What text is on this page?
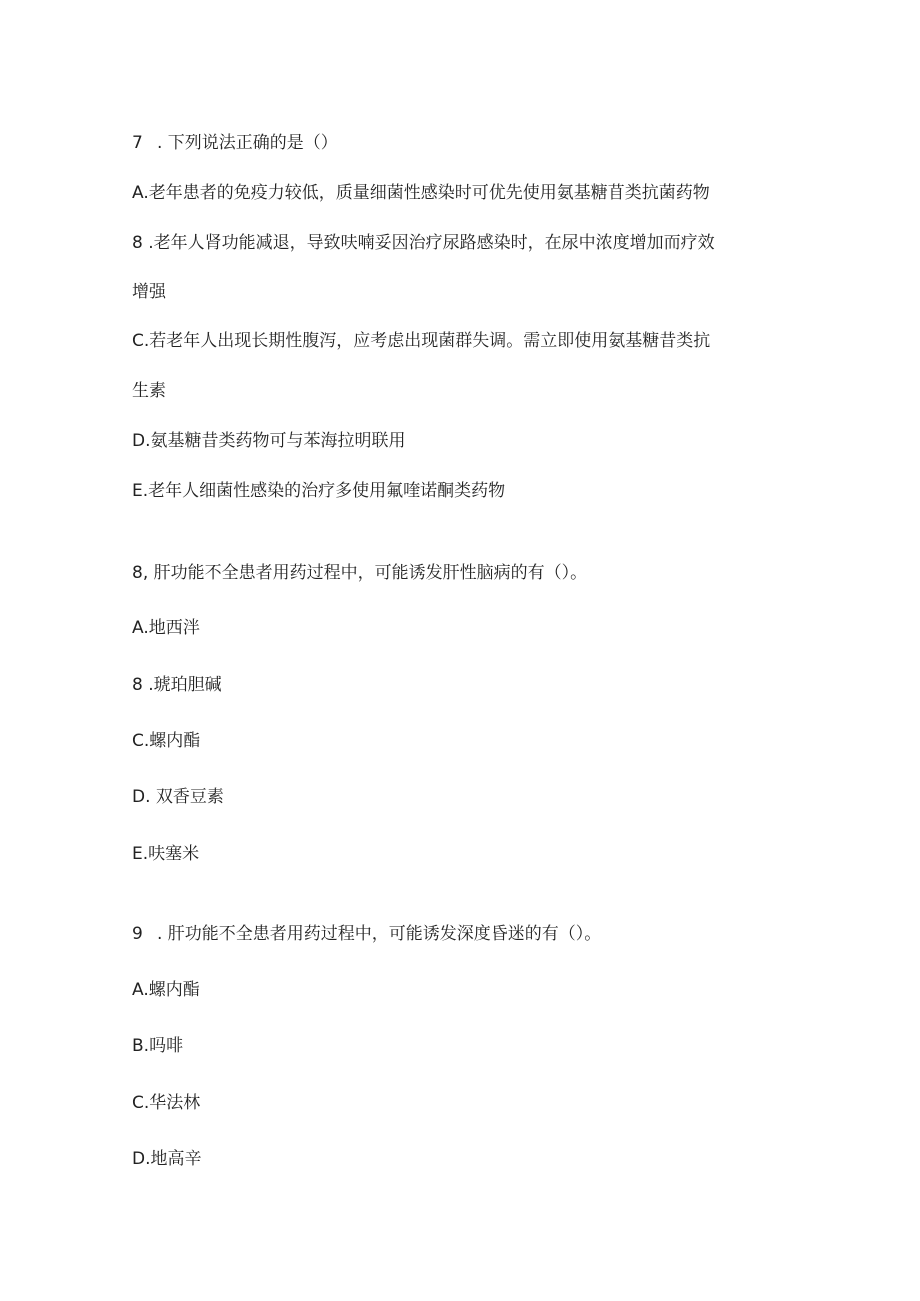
7 . 下列说法正确的是（）

A.老年患者的免疫力较低，质量细菌性感染时可优先使用氨基糖苜类抗菌药物

8 .老年人肾功能减退，导致呋喃妥因治疗尿路感染时，在尿中浓度增加而疗效

增强

C.若老年人出现长期性腹泻，应考虑出现菌群失调。需立即使用氨基糖昔类抗

生素

D.氨基糖昔类药物可与苯海拉明联用

E.老年人细菌性感染的治疗多使用氟喹诺酮类药物

8, 肝功能不全患者用药过程中，可能诱发肝性脑病的有（）。

A.地西泮

8 .琥珀胆碱

C.螺内酯

D. 双香豆素

E.呋塞米

9 . 肝功能不全患者用药过程中，可能诱发深度昏迷的有（）。

A.螺内酯

B.吗啡

C.华法林

D.地高辛
